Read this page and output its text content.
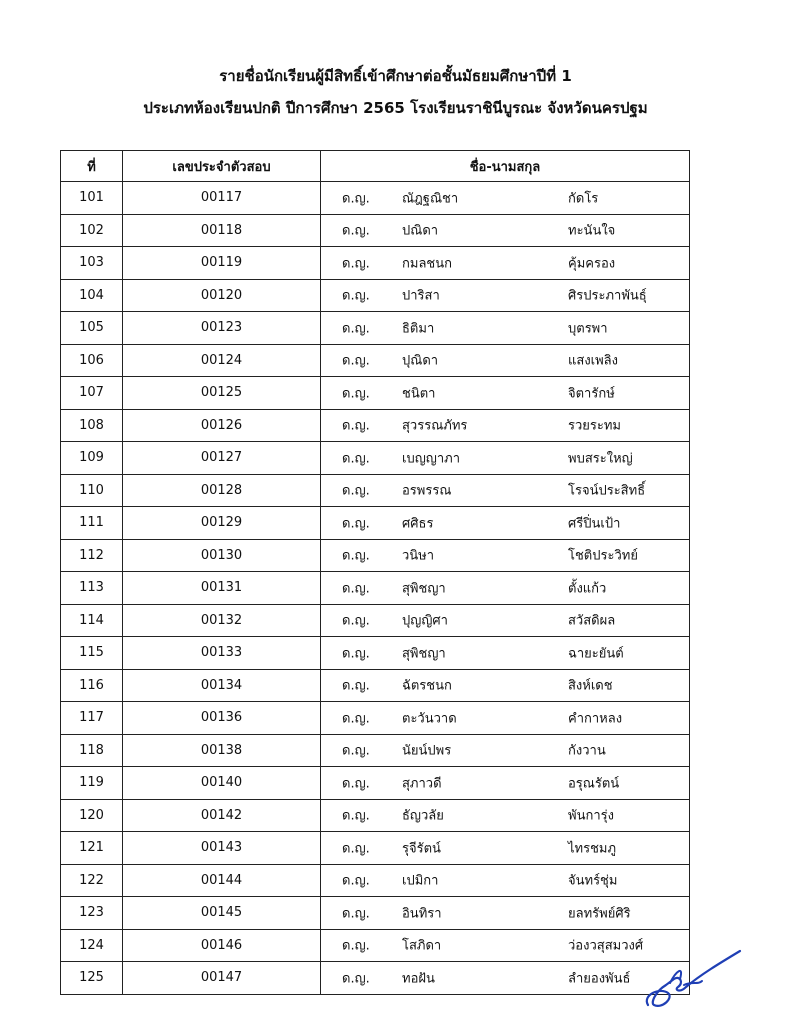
รายชื่อนักเรียนผู้มีสิทธิ์เข้าศึกษาต่อชั้นมัธยมศึกษาปีที่ 1
ประเภทห้องเรียนปกติ ปีการศึกษา 2565 โรงเรียนราชินีบูรณะ จังหวัดนครปฐม
ที่	เลขประจำตัวสอบ	ชื่อ-นามสกุล
101	00117	ด.ญ. ณัฎฐณิชา กัดโร

102	00118	ด.ญ. ปณิดา ทะนันใจ

103	00119	ด.ญ. กมลชนก คุ้มครอง

104	00120	ด.ญ. ปาริสา ศิรประภาพันธุ์

105	00123	ด.ญ. ธิติมา บุตรพา

106	00124	ด.ญ. ปุณิดา แสงเพลิง

107	00125	ด.ญ. ชนิตา จิตารักษ์

108	00126	ด.ญ. สุวรรณภัทร รวยระทม

109	00127	ด.ญ. เบญญาภา พบสระใหญ่

110	00128	ด.ญ. อรพรรณ โรจน์ประสิทธิ์

111	00129	ด.ญ. ศศิธร ศรีปิ่นเป้า

112	00130	ด.ญ. วนิษา โชติประวิทย์

113	00131	ด.ญ. สุพิชญา ตั้งแก้ว

114	00132	ด.ญ. ปุญญิศา สวัสดิผล

115	00133	ด.ญ. สุพิชญา ฉายะยันต์

116	00134	ด.ญ. ฉัตรชนก สิงห์เดช

117	00136	ด.ญ. ตะวันวาด คำกาหลง

118	00138	ด.ญ. นัยน์ปพร กังวาน

119	00140	ด.ญ. สุภาวดี อรุณรัตน์

120	00142	ด.ญ. ธัญวลัย พันการุ่ง

121	00143	ด.ญ. รุจีรัตน์ ไทรชมภู

122	00144	ด.ญ. เปมิกา จันทร์ชุ่ม

123	00145	ด.ญ. อินทิรา ยลทรัพย์ศิริ

124	00146	ด.ญ. โสภิดา ว่องวสุสมวงศ์

125	00147	ด.ญ. ทอฝัน ลำยองพันธ์
